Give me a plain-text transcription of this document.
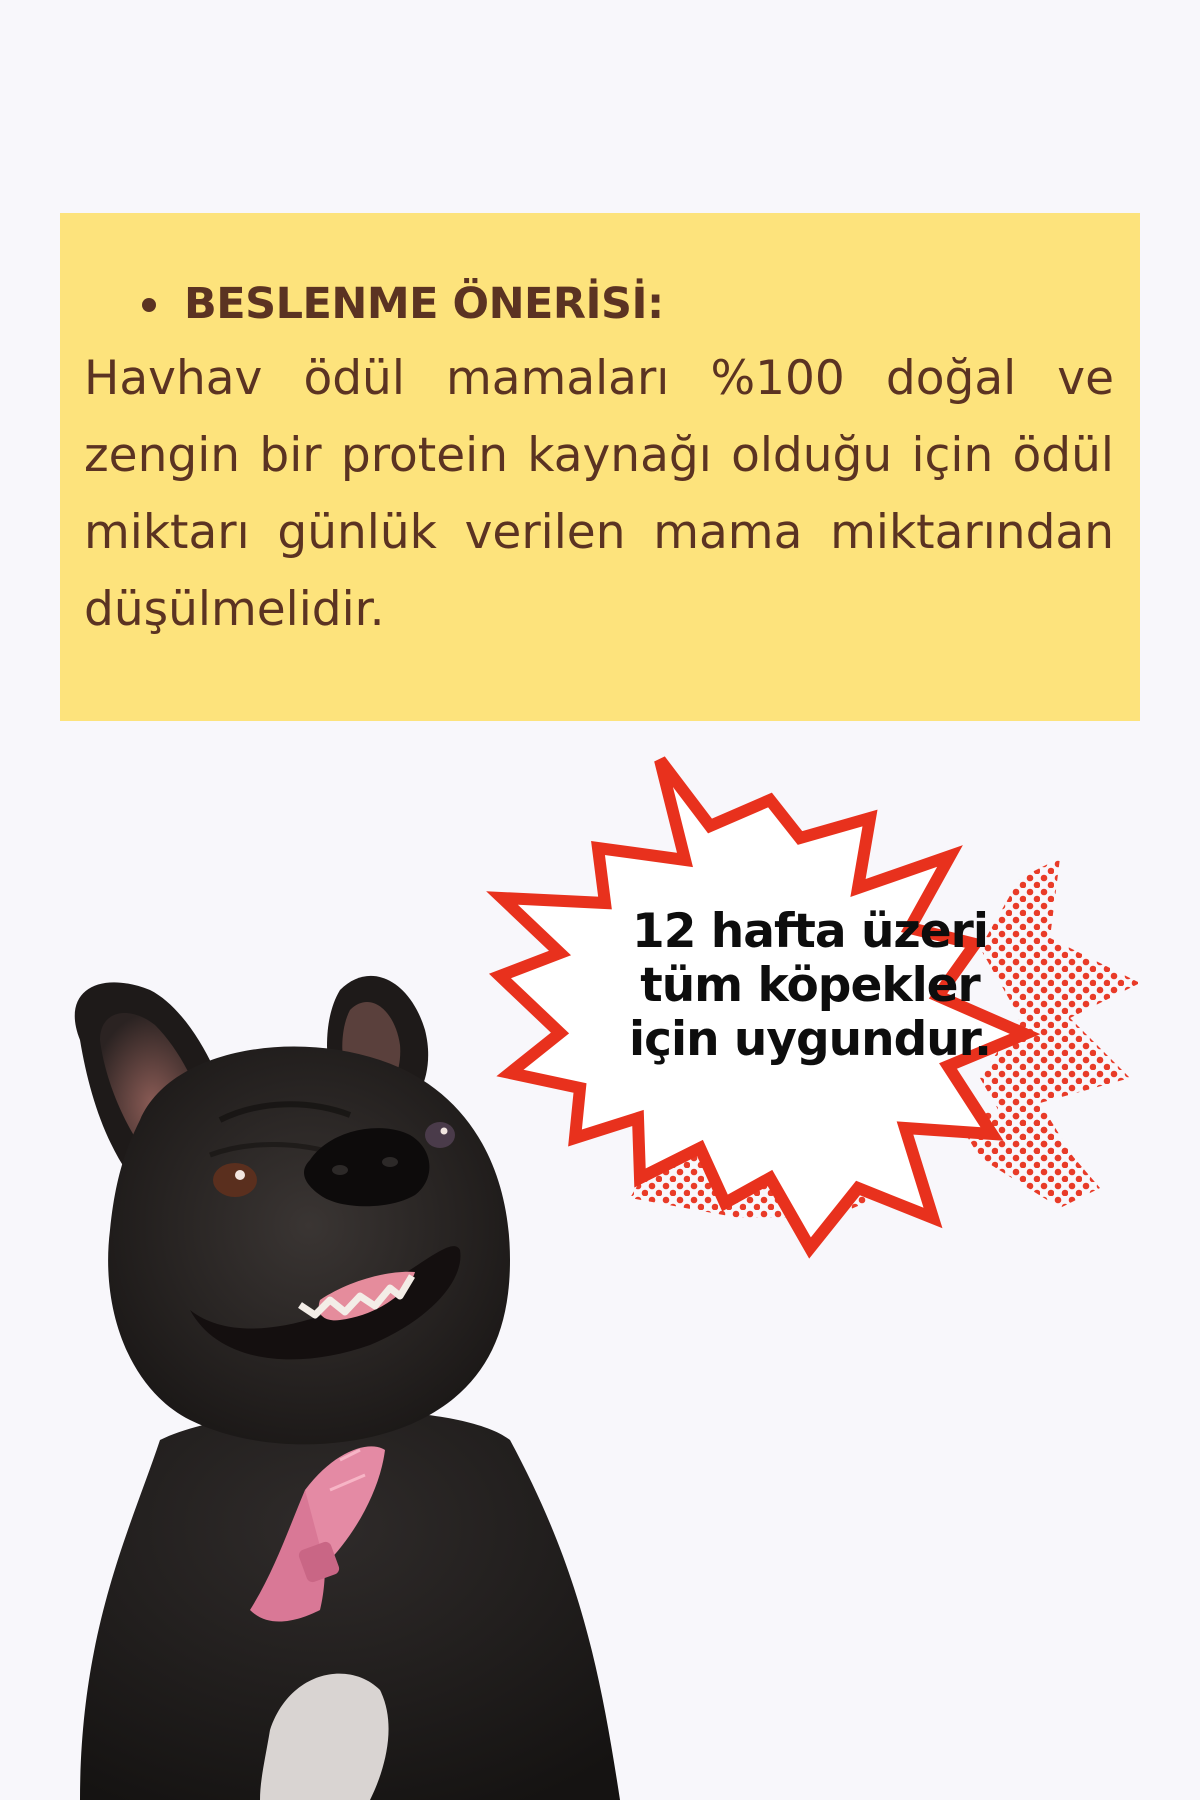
BESLENME ÖNERİSİ:

Havhav ödül mamaları %100 doğal ve zengin bir protein kaynağı olduğu için ödül miktarı günlük verilen mama miktarından düşülmelidir.

12 hafta üzeri
tüm köpekler
için uygundur.
